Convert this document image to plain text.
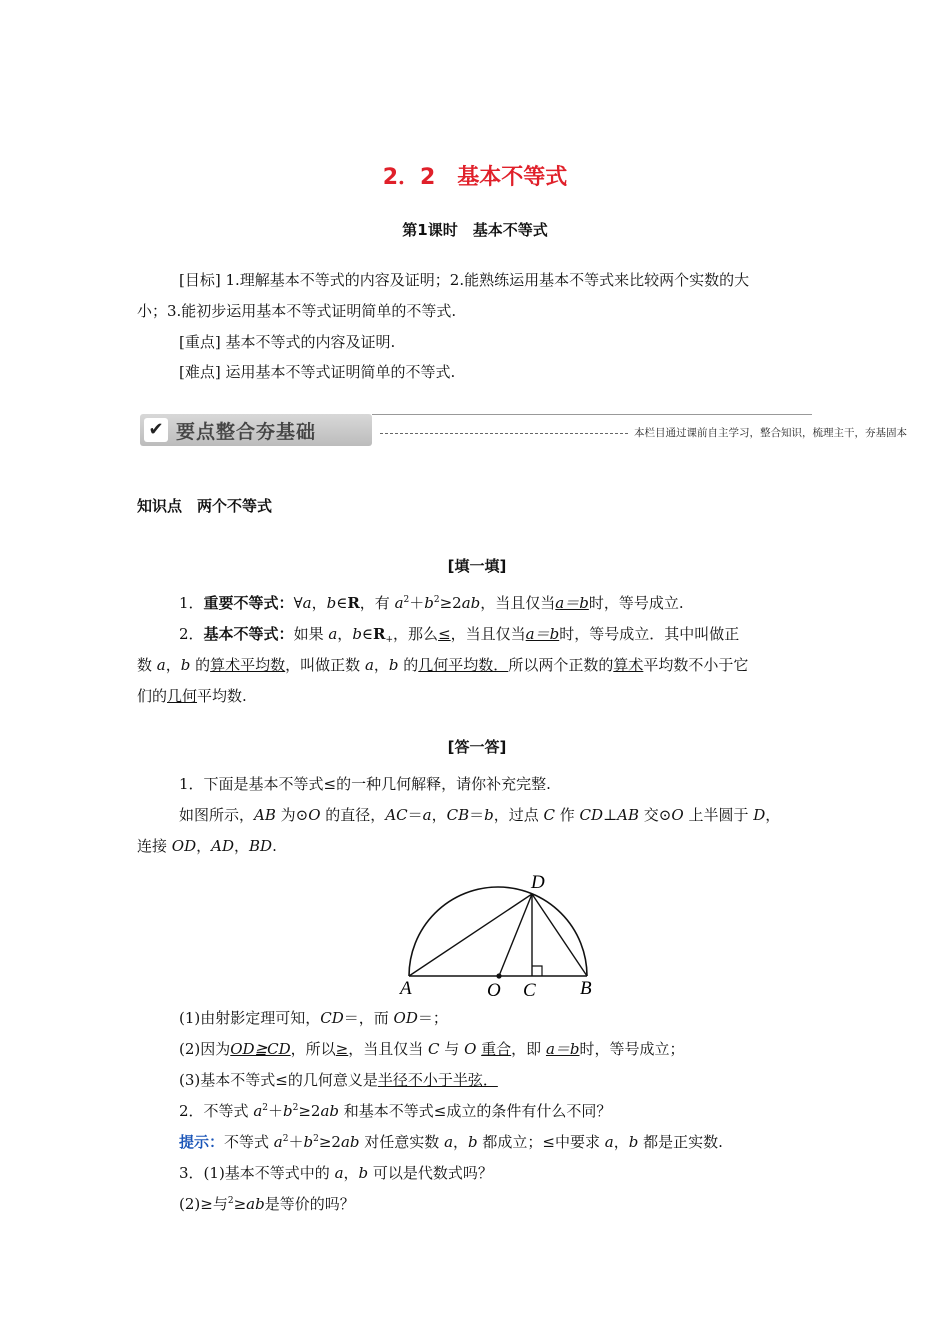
2．2　基本不等式
第1课时　基本不等式
[目标] 1.理解基本不等式的内容及证明；2.能熟练运用基本不等式来比较两个实数的大
小；3.能初步运用基本不等式证明简单的不等式.
[重点] 基本不等式的内容及证明.
[难点] 运用基本不等式证明简单的不等式.
✔ 要点整合夯基础	本栏目通过课前自主学习，整合知识，梳理主干，夯基固本
知识点　两个不等式
[填一填]
1．重要不等式：∀a，b∈R，有 $a^2+b^2\ge 2ab$，当且仅当a＝b时，等号成立.
2．基本不等式：如果 a，$b\in R_+$，那么≤，当且仅当a＝b时，等号成立．其中叫做正
数 a，b 的算术平均数，叫做正数 a，b 的几何平均数．所以两个正数的算术平均数不小于它
们的几何平均数.
[答一答]
1．下面是基本不等式≤的一种几何解释，请你补充完整.
如图所示，AB 为⊙O 的直径，AC＝a，CB＝b，过点 C 作 CD⊥AB 交⊙O 上半圆于 D，
连接 OD，AD，BD.
A	O C B
D
(1)由射影定理可知，CD＝，而 OD＝；
(2)因为OD≧CD，所以≥，当且仅当 C 与 O 重合，即 a＝b时，等号成立；
(3)基本不等式≤的几何意义是半径不小于半弦．
2．不等式 $a^2+b^2\ge 2ab$ 和基本不等式≤成立的条件有什么不同？
提示：不等式 $a^2+b^2\ge 2ab$ 对任意实数 a，b 都成立；≤中要求 a，b 都是正实数.
3．(1)基本不等式中的 a，b 可以是代数式吗？
(2)≥与$^2$≥ab是等价的吗？
